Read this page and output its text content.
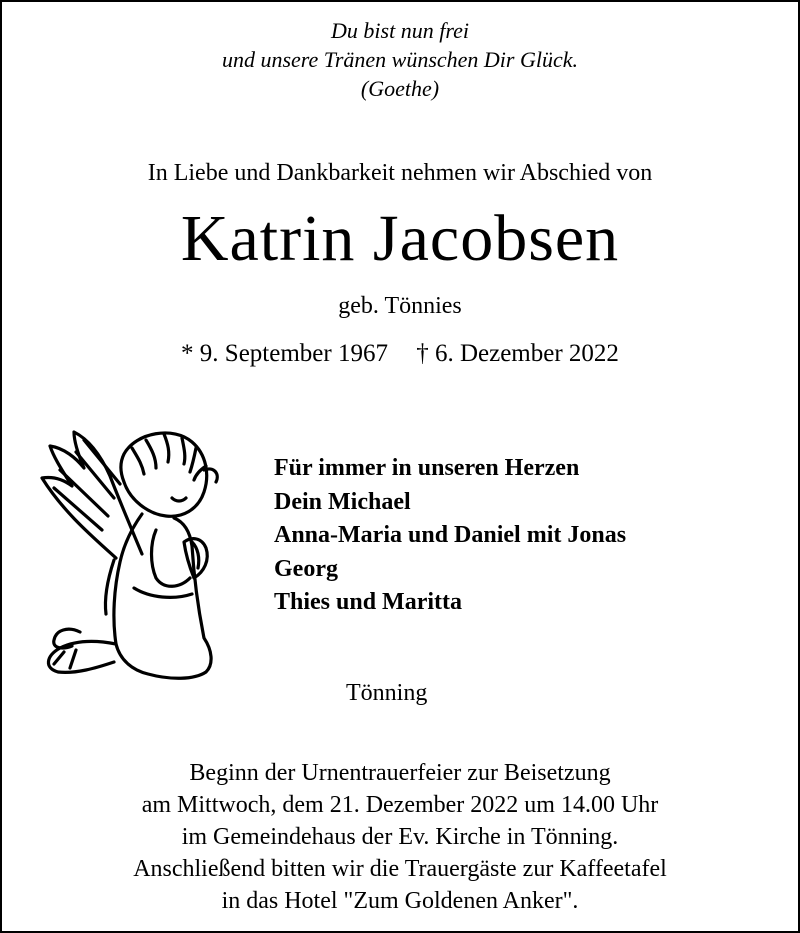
Du bist nun frei
und unsere Tränen wünschen Dir Glück.
(Goethe)
In Liebe und Dankbarkeit nehmen wir Abschied von
Katrin Jacobsen
geb. Tönnies
* 9. September 1967 † 6. Dezember 2022
Für immer in unseren Herzen
Dein Michael
Anna-Maria und Daniel mit Jonas
Georg
Thies und Maritta
Tönning
Beginn der Urnentrauerfeier zur Beisetzung
am Mittwoch, dem 21. Dezember 2022 um 14.00 Uhr
im Gemeindehaus der Ev. Kirche in Tönning.
Anschließend bitten wir die Trauergäste zur Kaffeetafel
in das Hotel "Zum Goldenen Anker".
